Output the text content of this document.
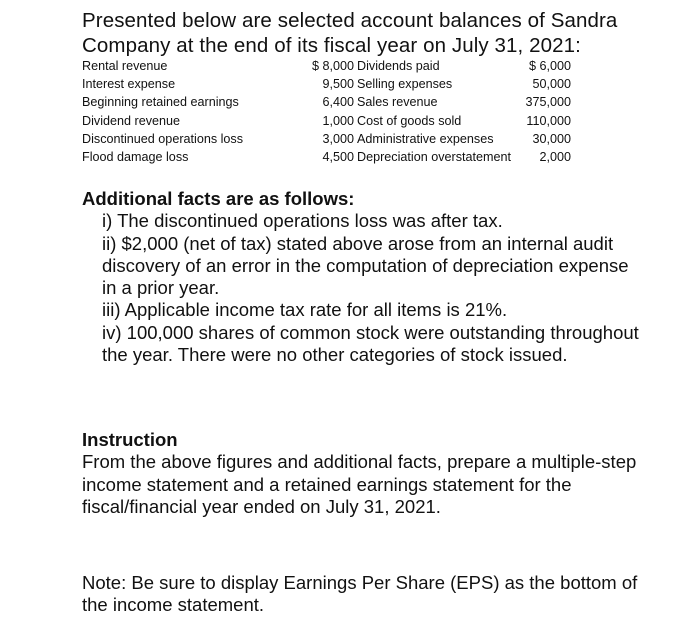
Presented below are selected account balances of Sandra Company at the end of its fiscal year on July 31, 2021:
Rental revenue	$ 8,000	Dividends paid	$ 6,000
Interest expense	9,500	Selling expenses	50,000
Beginning retained earnings	6,400	Sales revenue	375,000
Dividend revenue	1,000	Cost of goods sold	110,000
Discontinued operations loss	3,000	Administrative expenses	30,000
Flood damage loss	4,500	Depreciation overstatement	2,000

Additional facts are as follows:

i) The discontinued operations loss was after tax.

ii) $2,000 (net of tax) stated above arose from an internal audit discovery of an error in the computation of depreciation expense in a prior year.

iii) Applicable income tax rate for all items is 21%.

iv) 100,000 shares of common stock were outstanding throughout the year. There were no other categories of stock issued.

Instruction

From the above figures and additional facts, prepare a multiple-step income statement and a retained earnings statement for the fiscal/financial year ended on July 31, 2021.

Note: Be sure to display Earnings Per Share (EPS) as the bottom of the income statement.
